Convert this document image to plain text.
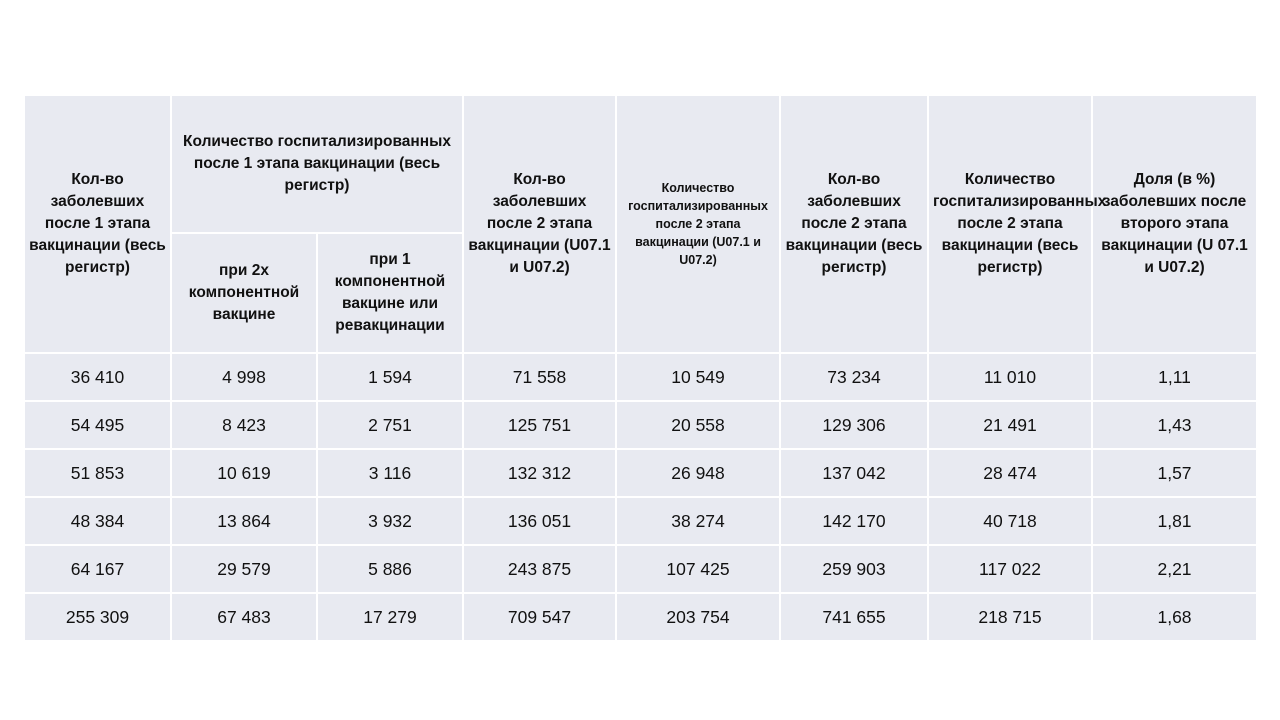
Кол-во заболевших после 1 этапа вакцинации (весь регистр)	Количество госпитализированных после 1 этапа вакцинации (весь регистр)		Кол-во заболевших после 2 этапа вакцинации (U07.1 и U07.2)	Количество госпитализированных после 2 этапа вакцинации (U07.1 и U07.2)	Кол-во заболевших после 2 этапа вакцинации (весь регистр)	Количество госпитализированных после 2 этапа вакцинации (весь регистр)	Доля (в %) заболевших после второго этапа вакцинации (U 07.1 и U07.2)
	при 2х компонентной вакцине	при 1 компонентной вакцине или ревакцинации					
36 410	4 998	1 594	71 558	10 549	73 234	11 010	1,11
54 495	8 423	2 751	125 751	20 558	129 306	21 491	1,43
51 853	10 619	3 116	132 312	26 948	137 042	28 474	1,57
48 384	13 864	3 932	136 051	38 274	142 170	40 718	1,81
64 167	29 579	5 886	243 875	107 425	259 903	117 022	2,21
255 309	67 483	17 279	709 547	203 754	741 655	218 715	1,68
